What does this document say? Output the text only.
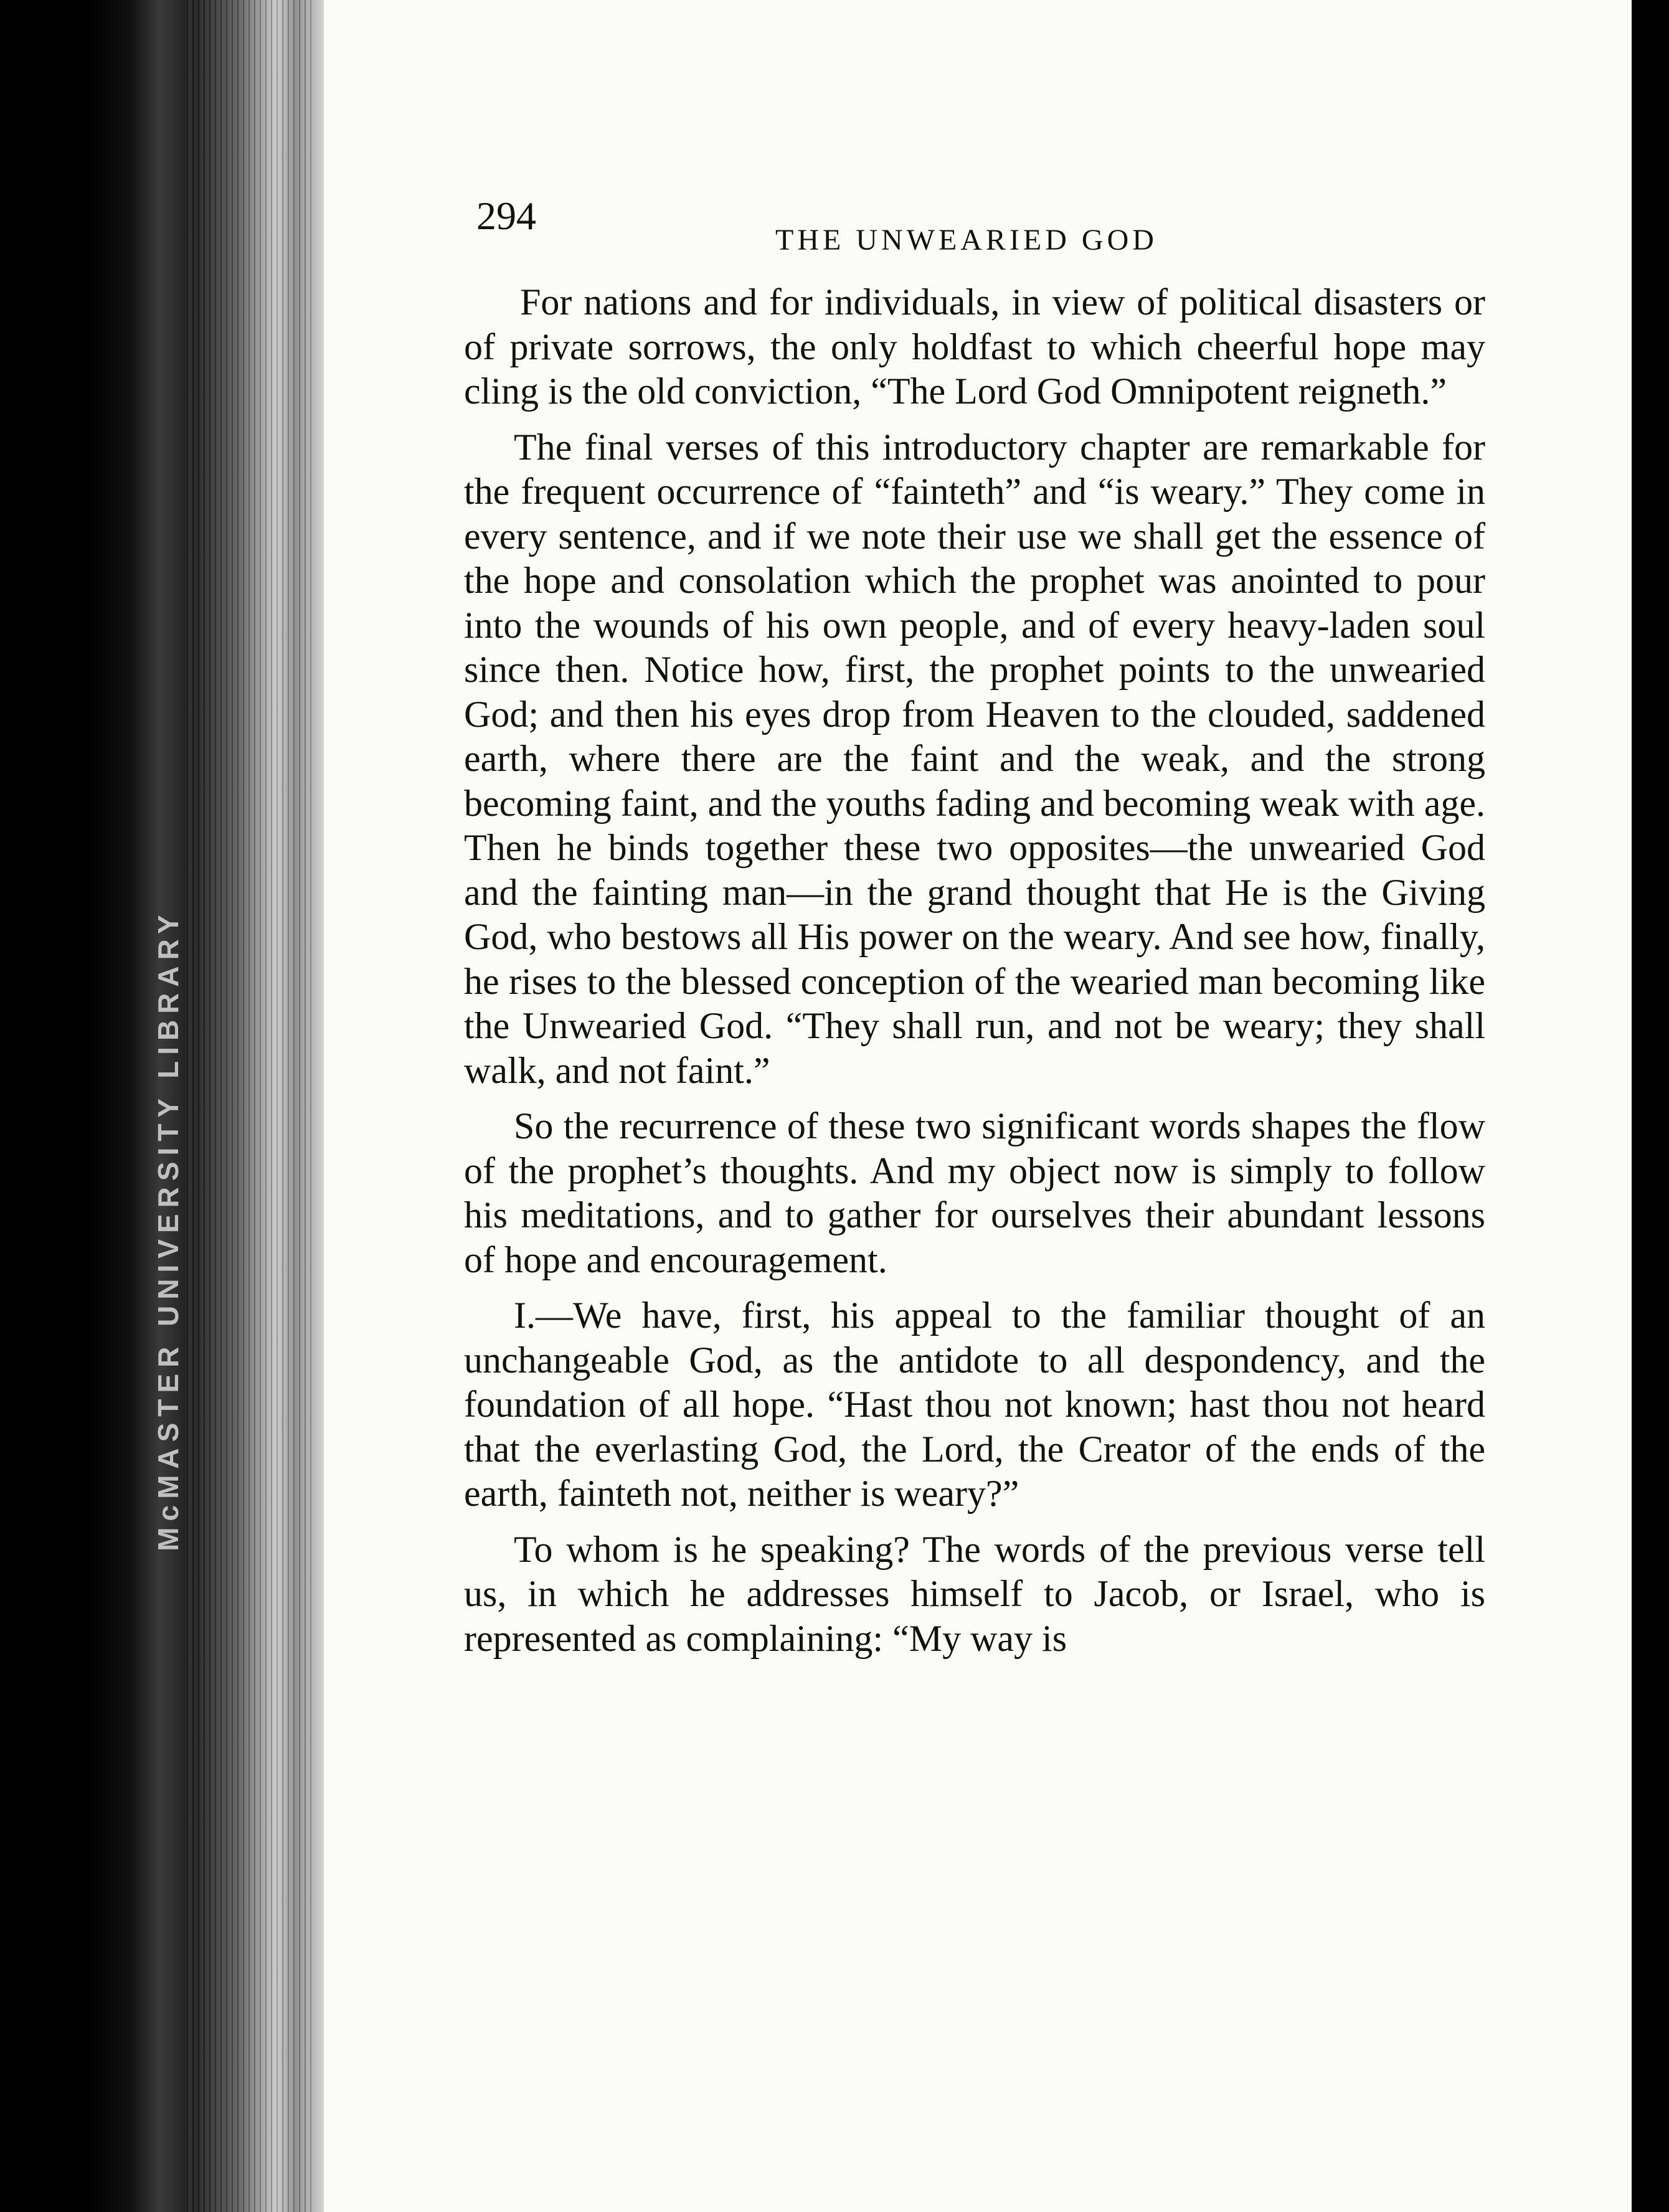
McMASTER UNIVERSITY LIBRARY
294
THE UNWEARIED GOD

For nations and for individuals, in view of political disasters or of private sorrows, the only holdfast to which cheerful hope may cling is the old conviction, “The Lord God Omnipotent reigneth.”

The final verses of this introductory chapter are remarkable for the frequent occurrence of “fainteth” and “is weary.” They come in every sentence, and if we note their use we shall get the essence of the hope and consolation which the prophet was anointed to pour into the wounds of his own people, and of every heavy-laden soul since then. Notice how, first, the prophet points to the unwearied God; and then his eyes drop from Heaven to the clouded, saddened earth, where there are the faint and the weak, and the strong becoming faint, and the youths fading and becoming weak with age. Then he binds together these two opposites—the unwearied God and the fainting man—in the grand thought that He is the Giving God, who bestows all His power on the weary. And see how, finally, he rises to the blessed conception of the wearied man becoming like the Unwearied God. “They shall run, and not be weary; they shall walk, and not faint.”

So the recurrence of these two significant words shapes the flow of the prophet’s thoughts. And my object now is simply to follow his meditations, and to gather for ourselves their abundant lessons of hope and encouragement.

I.—We have, first, his appeal to the familiar thought of an unchangeable God, as the antidote to all despondency, and the foundation of all hope. “Hast thou not known; hast thou not heard that the everlasting God, the Lord, the Creator of the ends of the earth, fainteth not, neither is weary?”

To whom is he speaking? The words of the previous verse tell us, in which he addresses himself to Jacob, or Israel, who is represented as complaining: “My way is
